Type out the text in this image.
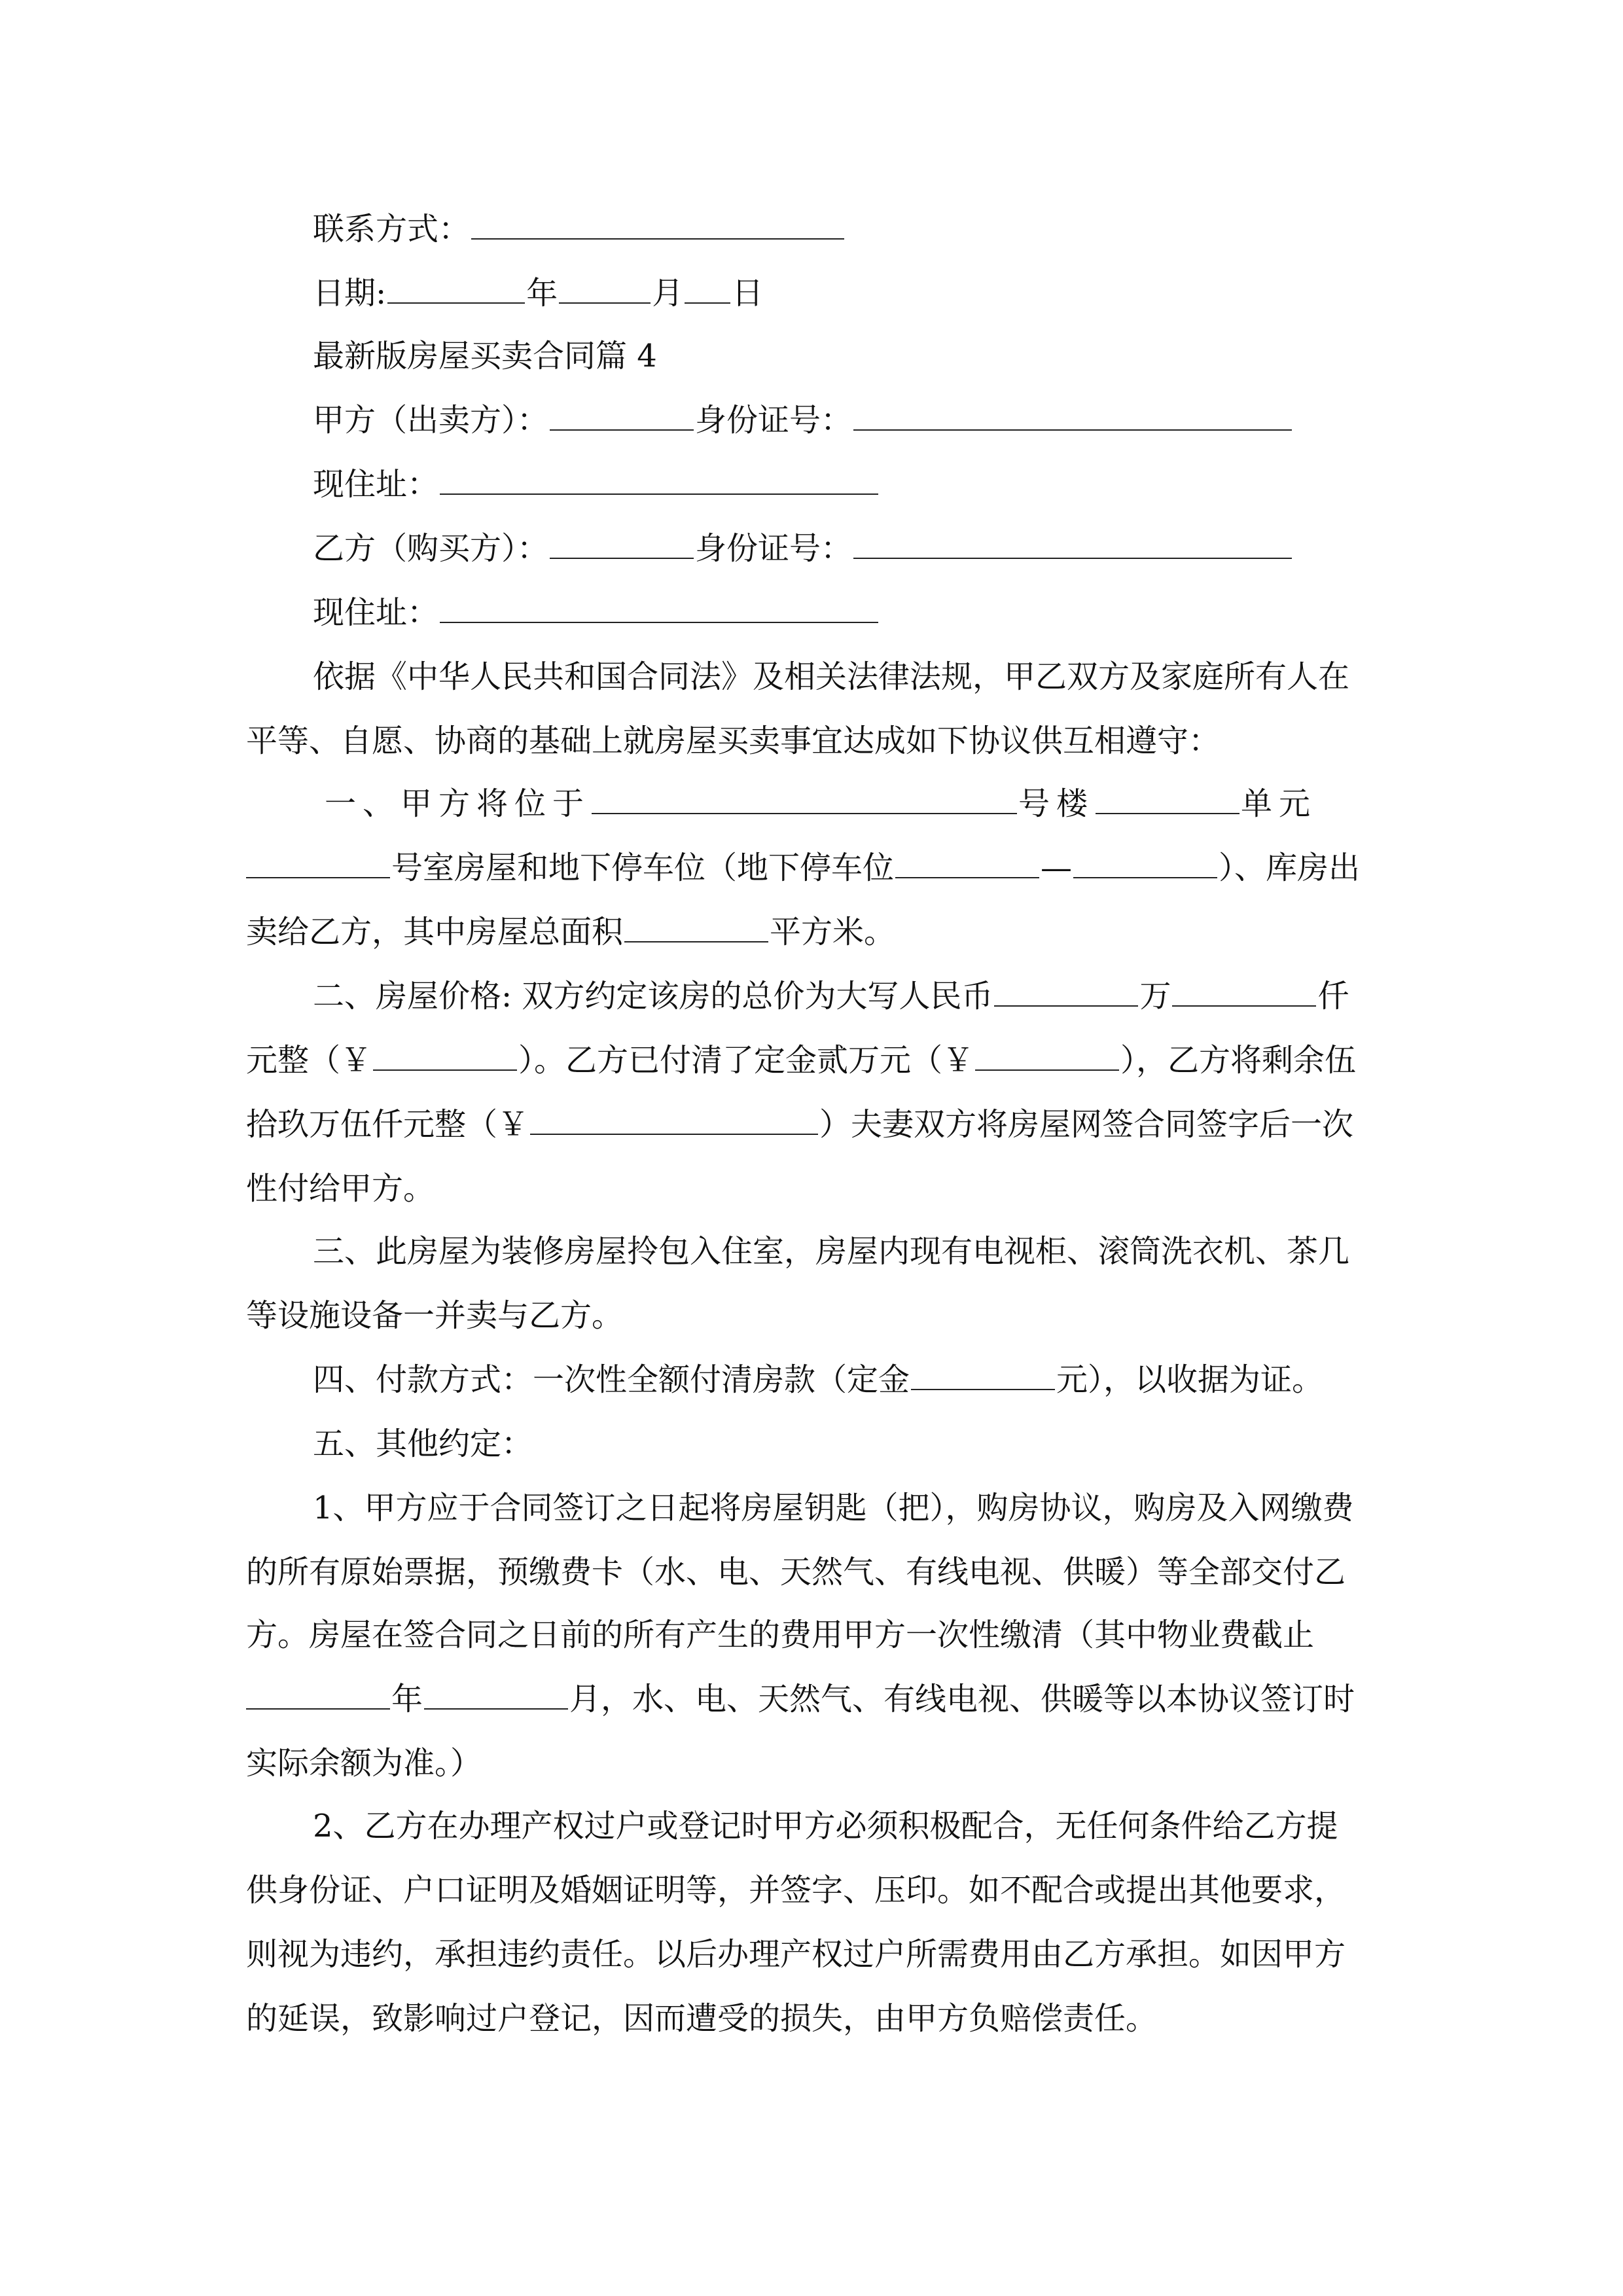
联系方式：
日期:	年	月 日
最新版房屋买卖合同篇 4
甲方（出卖方）：	身份证号：
现住址：
乙方（购买方）：	身份证号：
现住址：
依据《中华人民共和国合同法》及相关法律法规，甲乙双方及家庭所有人在
平等、自愿、协商的基础上就房屋买卖事宜达成如下协议供互相遵守：
一、甲方将位于	号楼	单元
号室房屋和地下停车位（地下停车位	—	）、库房出
卖给乙方，其中房屋总面积	平方米。
二、房屋价格: 双方约定该房的总价为大写人民币	万	仟
元整（￥	）。乙方已付清了定金贰万元（￥	），乙方将剩余伍
拾玖万伍仟元整（￥	）夫妻双方将房屋网签合同签字后一次
性付给甲方。
三、此房屋为装修房屋拎包入住室，房屋内现有电视柜、滚筒洗衣机、茶几
等设施设备一并卖与乙方。
四、付款方式：一次性全额付清房款（定金	元），以收据为证。
五、其他约定：
1、甲方应于合同签订之日起将房屋钥匙（把），购房协议，购房及入网缴费
的所有原始票据，预缴费卡（水、电、天然气、有线电视、供暖）等全部交付乙
方。房屋在签合同之日前的所有产生的费用甲方一次性缴清（其中物业费截止
年	月，水、电、天然气、有线电视、供暖等以本协议签订时
实际余额为准。）
2、乙方在办理产权过户或登记时甲方必须积极配合，无任何条件给乙方提
供身份证、户口证明及婚姻证明等，并签字、压印。如不配合或提出其他要求，
则视为违约，承担违约责任。以后办理产权过户所需费用由乙方承担。如因甲方
的延误，致影响过户登记，因而遭受的损失，由甲方负赔偿责任。
